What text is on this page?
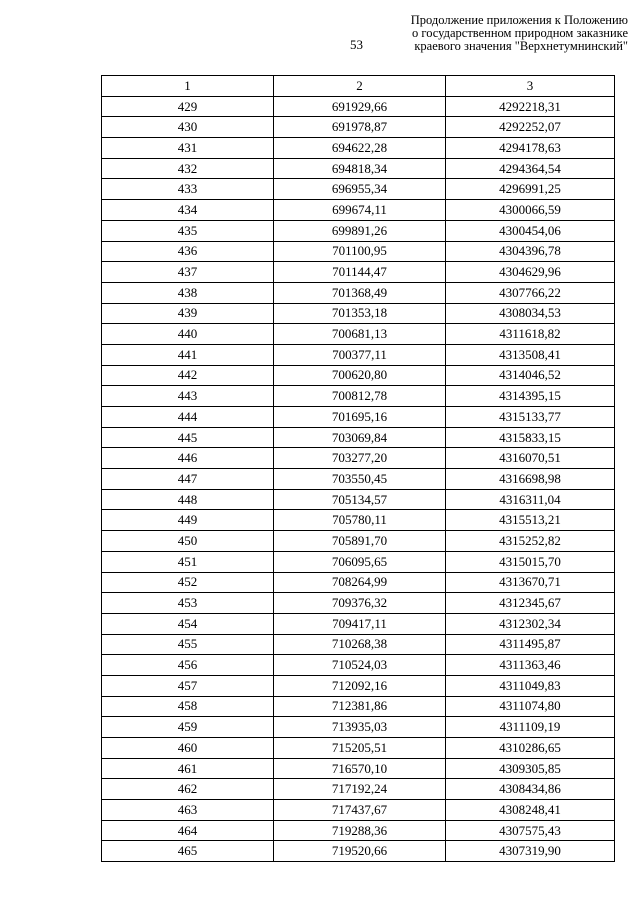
53
Продолжение приложения к Положению
о государственном природном заказнике
краевого значения "Верхнетумнинский"
1	2	3
429	691929,66	4292218,31
430	691978,87	4292252,07
431	694622,28	4294178,63
432	694818,34	4294364,54
433	696955,34	4296991,25
434	699674,11	4300066,59
435	699891,26	4300454,06
436	701100,95	4304396,78
437	701144,47	4304629,96
438	701368,49	4307766,22
439	701353,18	4308034,53
440	700681,13	4311618,82
441	700377,11	4313508,41
442	700620,80	4314046,52
443	700812,78	4314395,15
444	701695,16	4315133,77
445	703069,84	4315833,15
446	703277,20	4316070,51
447	703550,45	4316698,98
448	705134,57	4316311,04
449	705780,11	4315513,21
450	705891,70	4315252,82
451	706095,65	4315015,70
452	708264,99	4313670,71
453	709376,32	4312345,67
454	709417,11	4312302,34
455	710268,38	4311495,87
456	710524,03	4311363,46
457	712092,16	4311049,83
458	712381,86	4311074,80
459	713935,03	4311109,19
460	715205,51	4310286,65
461	716570,10	4309305,85
462	717192,24	4308434,86
463	717437,67	4308248,41
464	719288,36	4307575,43
465	719520,66	4307319,90
